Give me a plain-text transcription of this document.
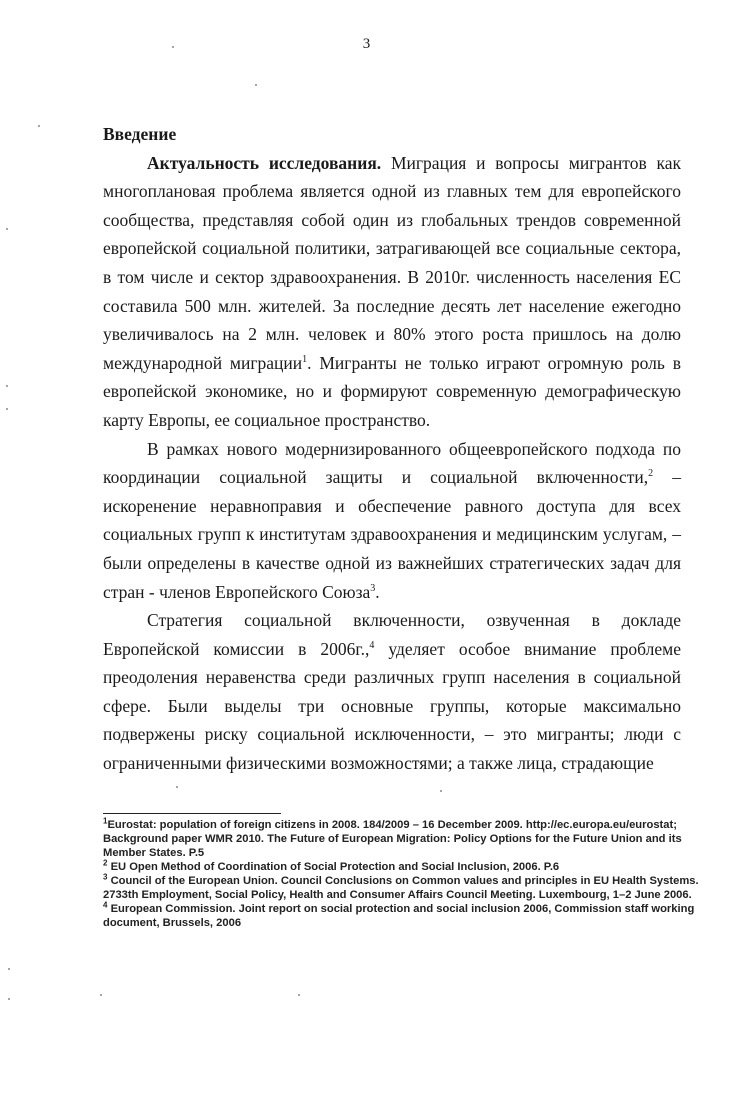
3

Введение

Актуальность исследования. Миграция и вопросы мигрантов как многоплановая проблема является одной из главных тем для европейского сообщества, представляя собой один из глобальных трендов современной европейской социальной политики, затрагивающей все социальные сектора, в том числе и сектор здравоохранения. В 2010г. численность населения ЕС составила 500 млн. жителей. За последние десять лет население ежегодно увеличивалось на 2 млн. человек и 80% этого роста пришлось на долю международной миграции$^1$. Мигранты не только играют огромную роль в европейской экономике, но и формируют современную демографическую карту Европы, ее социальное пространство.

В рамках нового модернизированного общеевропейского подхода по координации социальной защиты и социальной включенности,$^2$ – искоренение неравноправия и обеспечение равного доступа для всех социальных групп к институтам здравоохранения и медицинским услугам, – были определены в качестве одной из важнейших стратегических задач для стран - членов Европейского Союза$^3$.

Стратегия социальной включенности, озвученная в докладе Европейской комиссии в 2006г.,$^4$ уделяет особое внимание проблеме преодоления неравенства среди различных групп населения в социальной сфере. Были выделы три основные группы, которые максимально подвержены риску социальной исключенности, – это мигранты; люди с ограниченными физическими возможностями; а также лица, страдающие

$^1$Eurostat: population of foreign citizens in 2008. 184/2009 – 16 December 2009. http://ec.europa.eu/eurostat; Background paper WMR 2010. The Future of European Migration: Policy Options for the Future Union and its Member States. P.5

$^2$ EU Open Method of Coordination of Social Protection and Social Inclusion, 2006. P.6

$^3$ Council of the European Union. Council Conclusions on Common values and principles in EU Health Systems. 2733th Employment, Social Policy, Health and Consumer Affairs Council Meeting. Luxembourg, 1–2 June 2006.

$^4$ European Commission. Joint report on social protection and social inclusion 2006, Commission staff working document, Brussels, 2006
